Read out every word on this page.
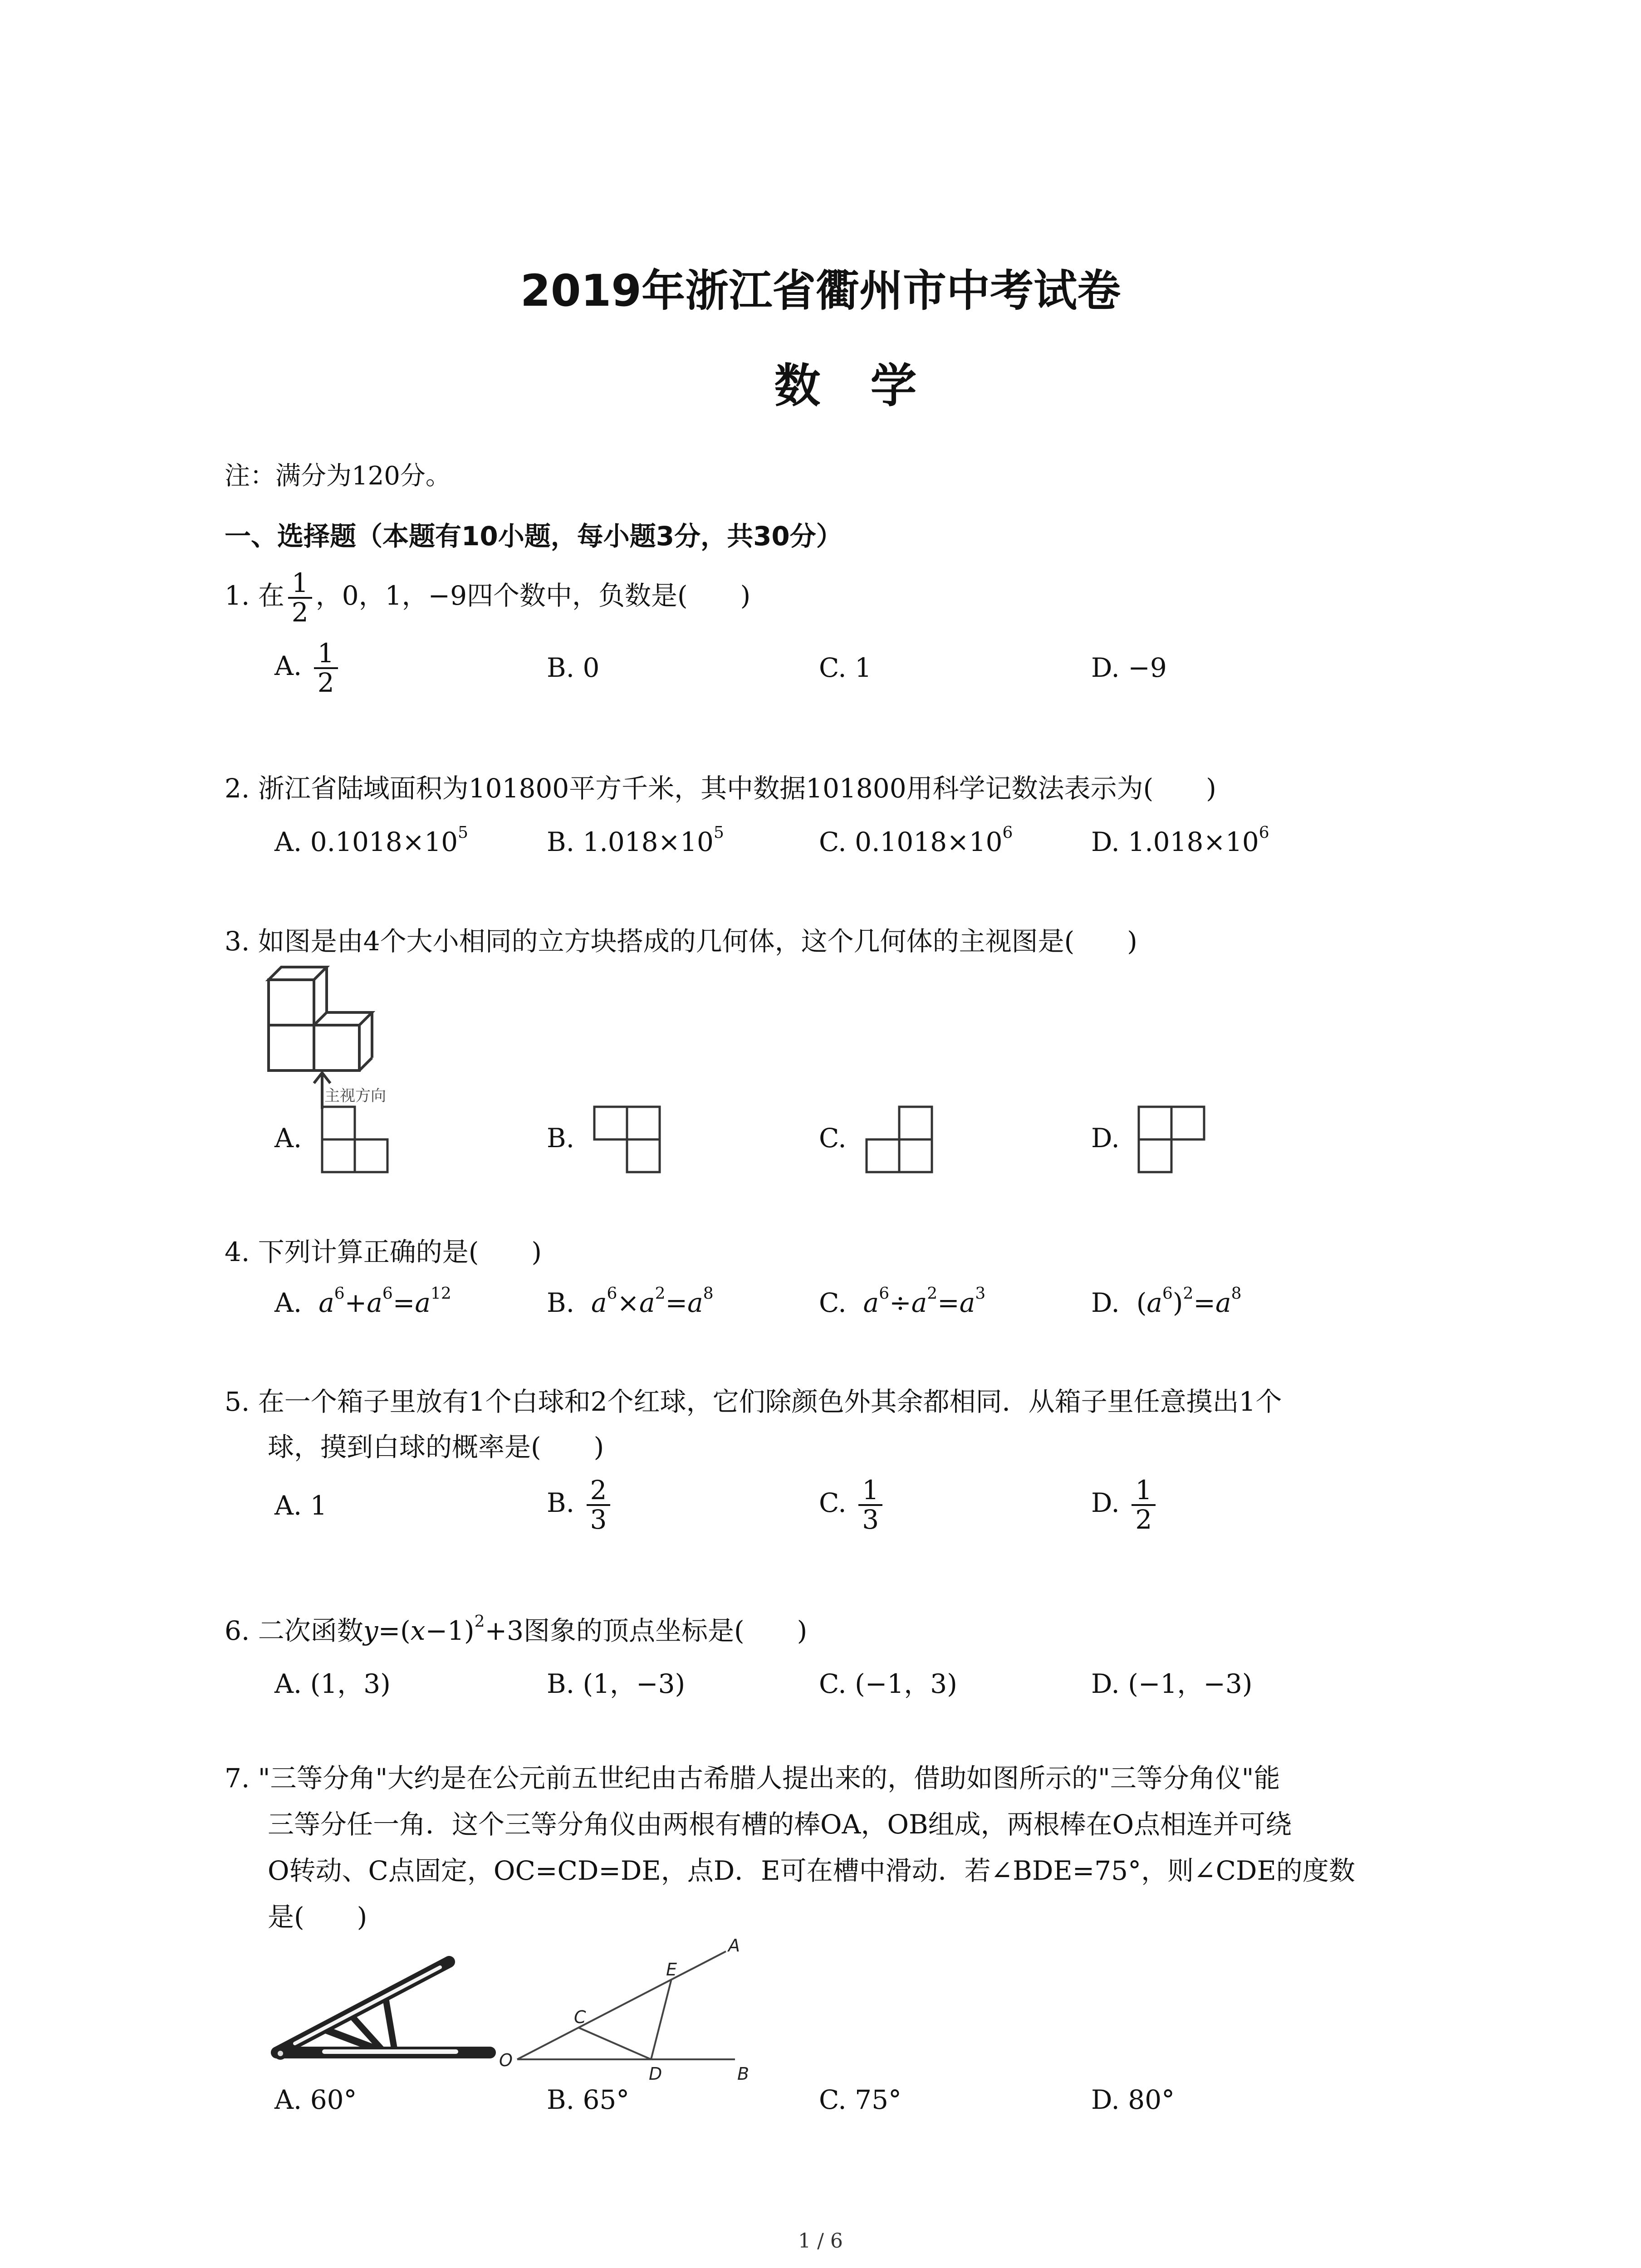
2019年浙江省衢州市中考试卷
数学
注：满分为120分。
一、选择题（本题有10小题，每小题3分，共30分）
1. 在 $\frac{1}{2}$ ，0，1，−9四个数中，负数是(　　)
A. $\frac{1}{2}$	B. 0	C. 1	D. −9
2. 浙江省陆域面积为101800平方千米，其中数据101800用科学记数法表示为(　　)
A. $0.1018\times 10^5$	B. $1.018\times 10^5$	C. $0.1018\times 10^6$	D. $1.018\times 10^6$
3. 如图是由4个大小相同的立方块搭成的几何体，这个几何体的主视图是(　　)
主视方向
A.	B.	C.	D.
4. 下列计算正确的是(　　)
A. $a^6+a^6=a^{12}$	B. $a^6\times a^2=a^8$	C. $a^6\div a^2=a^3$	D. $(a^6)^2=a^8$
5. 在一个箱子里放有1个白球和2个红球，它们除颜色外其余都相同．从箱子里任意摸出1个
球，摸到白球的概率是(　　)
A. 1	B. $\frac{2}{3}$	C. $\frac{1}{3}$	D. $\frac{1}{2}$
6. 二次函数$y=(x-1)^2+3$图象的顶点坐标是(　　)
A. (1，3)	B. (1，−3)	C. (−1，3)	D. (−1，−3)
7. "三等分角"大约是在公元前五世纪由古希腊人提出来的，借助如图所示的"三等分角仪"能
三等分任一角．这个三等分角仪由两根有槽的棒OA，OB组成，两根棒在O点相连并可绕
O转动、C点固定，OC=CD=DE，点D．E可在槽中滑动．若∠BDE=75°，则∠CDE的度数
是(　　)
O
C
D	B
E
A
A. 60°	B. 65°	C. 75°	D. 80°
1 / 6
